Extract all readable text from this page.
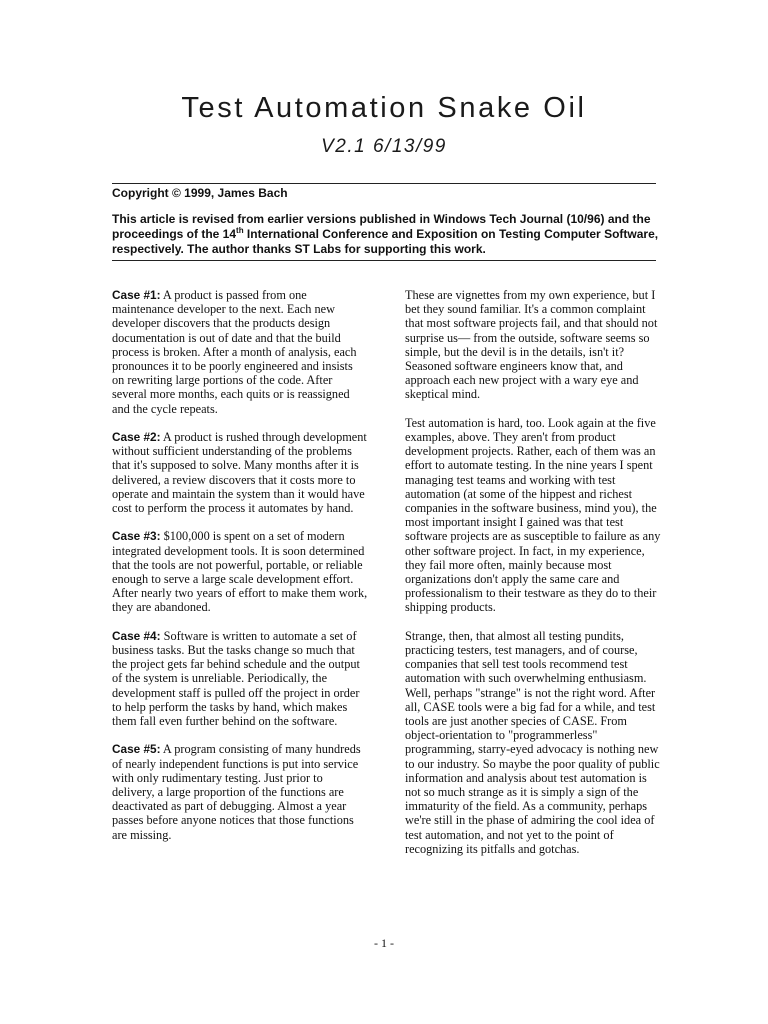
Test Automation Snake Oil
V2.1 6/13/99

Copyright © 1999, James Bach

This article is revised from earlier versions published in Windows Tech Journal (10/96) and the proceedings of the 14th International Conference and Exposition on Testing Computer Software, respectively. The author thanks ST Labs for supporting this work.

Case #1: A product is passed from one maintenance developer to the next. Each new developer discovers that the products design documentation is out of date and that the build process is broken. After a month of analysis, each pronounces it to be poorly engineered and insists on rewriting large portions of the code. After several more months, each quits or is reassigned and the cycle repeats.

Case #2: A product is rushed through development without sufficient understanding of the problems that it's supposed to solve. Many months after it is delivered, a review discovers that it costs more to operate and maintain the system than it would have cost to perform the process it automates by hand.

Case #3: $100,000 is spent on a set of modern integrated development tools. It is soon determined that the tools are not powerful, portable, or reliable enough to serve a large scale development effort. After nearly two years of effort to make them work, they are abandoned.

Case #4: Software is written to automate a set of business tasks. But the tasks change so much that the project gets far behind schedule and the output of the system is unreliable. Periodically, the development staff is pulled off the project in order to help perform the tasks by hand, which makes them fall even further behind on the software.

Case #5: A program consisting of many hundreds of nearly independent functions is put into service with only rudimentary testing. Just prior to delivery, a large proportion of the functions are deactivated as part of debugging. Almost a year passes before anyone notices that those functions are missing.

These are vignettes from my own experience, but I bet they sound familiar. It's a common complaint that most software projects fail, and that should not surprise us— from the outside, software seems so simple, but the devil is in the details, isn't it? Seasoned software engineers know that, and approach each new project with a wary eye and skeptical mind.

Test automation is hard, too. Look again at the five examples, above. They aren't from product development projects. Rather, each of them was an effort to automate testing. In the nine years I spent managing test teams and working with test automation (at some of the hippest and richest companies in the software business, mind you), the most important insight I gained was that test software projects are as susceptible to failure as any other software project. In fact, in my experience, they fail more often, mainly because most organizations don't apply the same care and professionalism to their testware as they do to their shipping products.

Strange, then, that almost all testing pundits, practicing testers, test managers, and of course, companies that sell test tools recommend test automation with such overwhelming enthusiasm. Well, perhaps "strange" is not the right word. After all, CASE tools were a big fad for a while, and test tools are just another species of CASE. From object-orientation to "programmerless" programming, starry-eyed advocacy is nothing new to our industry. So maybe the poor quality of public information and analysis about test automation is not so much strange as it is simply a sign of the immaturity of the field. As a community, perhaps we're still in the phase of admiring the cool idea of test automation, and not yet to the point of recognizing its pitfalls and gotchas.

- 1 -
